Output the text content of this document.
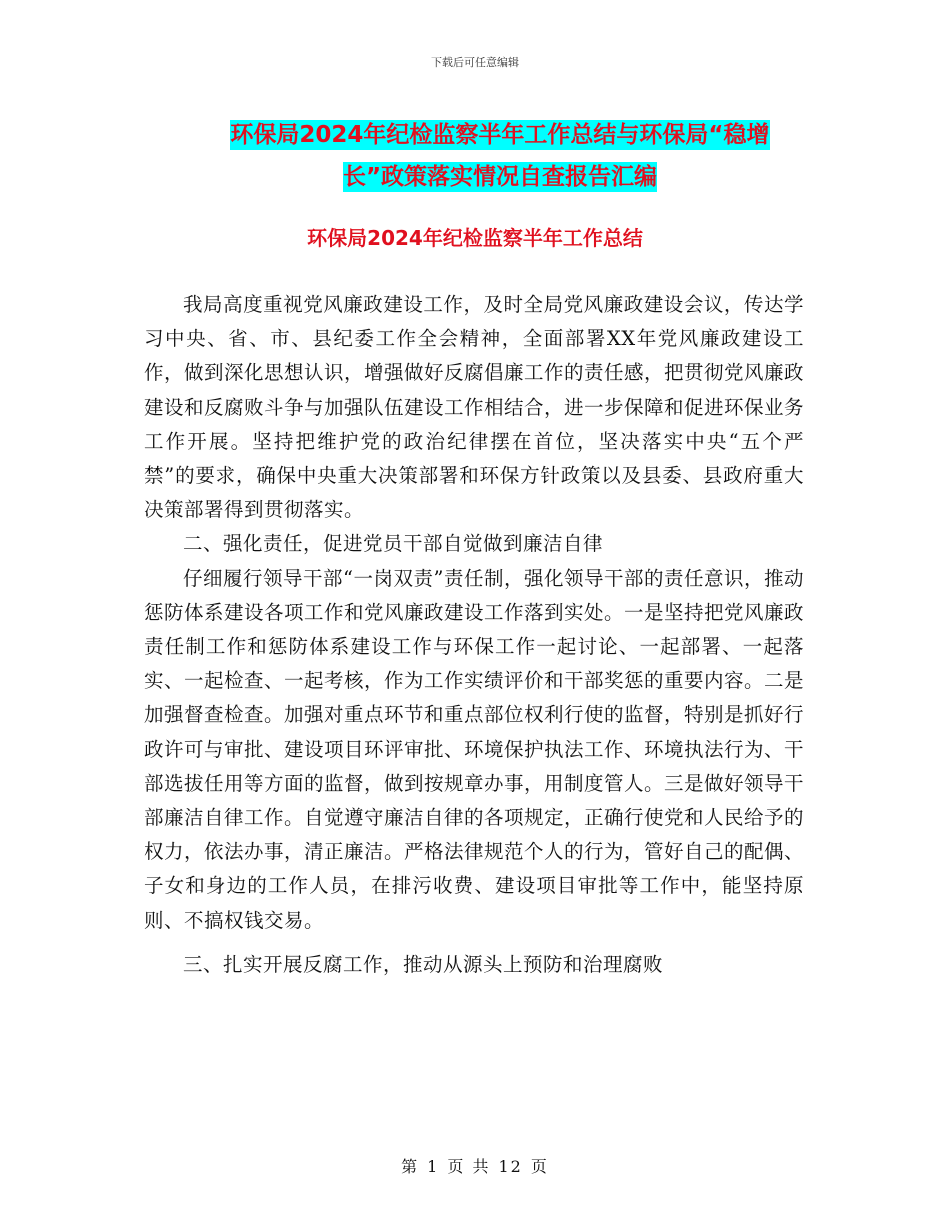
下载后可任意编辑
环保局2024年纪检监察半年工作总结与环保局“稳增
长”政策落实情况自查报告汇编
环保局2024年纪检监察半年工作总结

我局高度重视党风廉政建设工作，及时全局党风廉政建设会议，传达学习中央、省、市、县纪委工作全会精神，全面部署XX年党风廉政建设工作，做到深化思想认识，增强做好反腐倡廉工作的责任感，把贯彻党风廉政建设和反腐败斗争与加强队伍建设工作相结合，进一步保障和促进环保业务工作开展。坚持把维护党的政治纪律摆在首位，坚决落实中央“五个严禁”的要求，确保中央重大决策部署和环保方针政策以及县委、县政府重大决策部署得到贯彻落实。

二、强化责任，促进党员干部自觉做到廉洁自律

仔细履行领导干部“一岗双责”责任制，强化领导干部的责任意识，推动惩防体系建设各项工作和党风廉政建设工作落到实处。一是坚持把党风廉政责任制工作和惩防体系建设工作与环保工作一起讨论、一起部署、一起落实、一起检查、一起考核，作为工作实绩评价和干部奖惩的重要内容。二是加强督查检查。加强对重点环节和重点部位权利行使的监督，特别是抓好行政许可与审批、建设项目环评审批、环境保护执法工作、环境执法行为、干部选拔任用等方面的监督，做到按规章办事，用制度管人。三是做好领导干部廉洁自律工作。自觉遵守廉洁自律的各项规定，正确行使党和人民给予的权力，依法办事，清正廉洁。严格法律规范个人的行为，管好自己的配偶、子女和身边的工作人员，在排污收费、建设项目审批等工作中，能坚持原则、不搞权钱交易。

三、扎实开展反腐工作，推动从源头上预防和治理腐败

第 1 页 共 12 页
